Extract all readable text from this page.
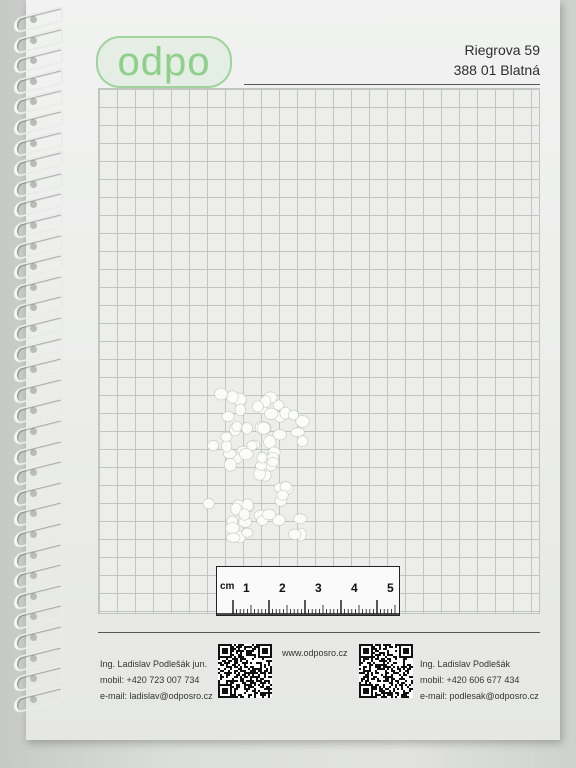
odpo	Riegrova 59
388 01 Blatná
cm 1 2 3 4 5
Ing. Ladislav Podlešák jun.
mobil: +420 723 007 734
e-mail: ladislav@odposro.cz
www.odposro.cz
Ing. Ladislav Podlešák
mobil: +420 606 677 434
e-mail: podlesak@odposro.cz
